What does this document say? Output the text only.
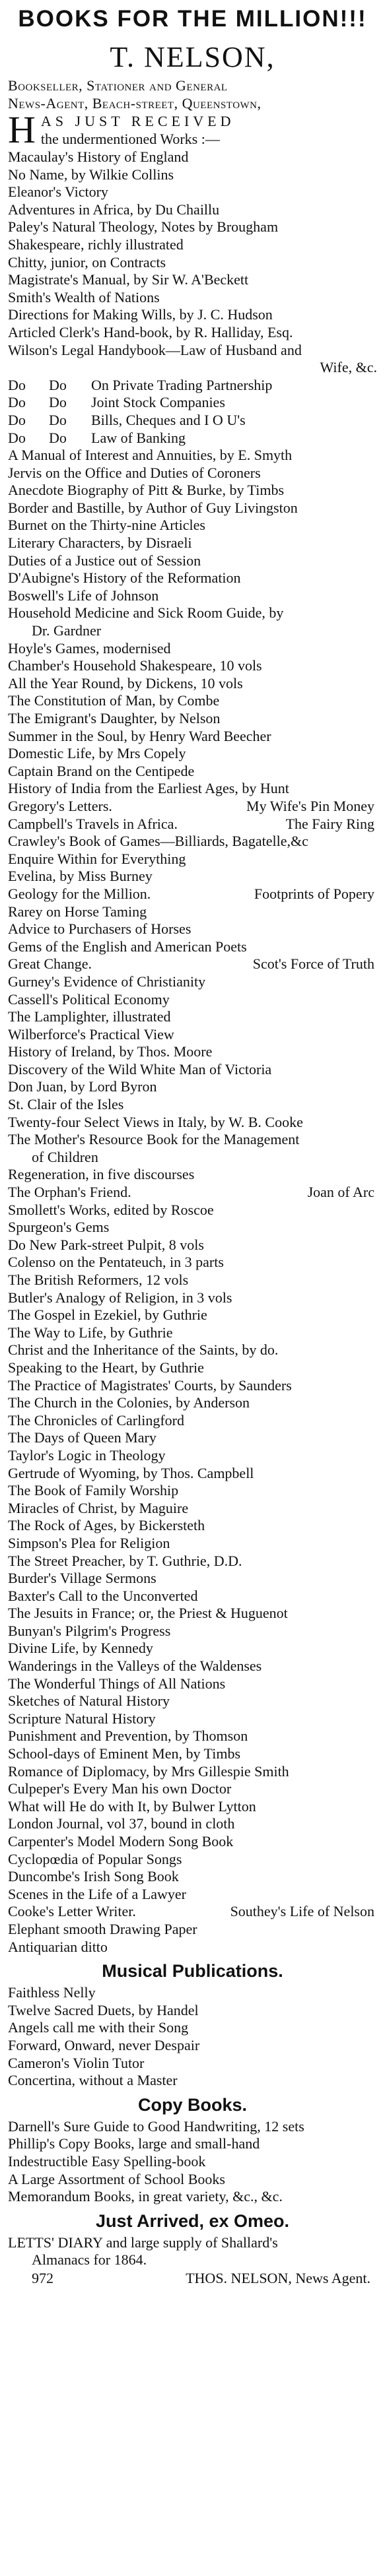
BOOKS FOR THE MILLION!!!
T. NELSON,
Bookseller, Stationer and General
News-Agent, Beach-street, Queenstown,
H AS JUST RECEIVED
the undermentioned Works :—
Macaulay's History of England
No Name, by Wilkie Collins
Eleanor's Victory
Adventures in Africa, by Du Chaillu
Paley's Natural Theology, Notes by Brougham
Shakespeare, richly illustrated
Chitty, junior, on Contracts
Magistrate's Manual, by Sir W. A'Beckett
Smith's Wealth of Nations
Directions for Making Wills, by J. C. Hudson
Articled Clerk's Hand-book, by R. Halliday, Esq.
Wilson's Legal Handybook—Law of Husband and
Wife, &c.
Do	Do	On Private Trading Partnership
Do	Do	Joint Stock Companies
Do	Do	Bills, Cheques and I O U's
Do	Do	Law of Banking
A Manual of Interest and Annuities, by E. Smyth
Jervis on the Office and Duties of Coroners
Anecdote Biography of Pitt & Burke, by Timbs
Border and Bastille, by Author of Guy Livingston
Burnet on the Thirty-nine Articles
Literary Characters, by Disraeli
Duties of a Justice out of Session
D'Aubigne's History of the Reformation
Boswell's Life of Johnson
Household Medicine and Sick Room Guide, by
Dr. Gardner
Hoyle's Games, modernised
Chamber's Household Shakespeare, 10 vols
All the Year Round, by Dickens, 10 vols
The Constitution of Man, by Combe
The Emigrant's Daughter, by Nelson
Summer in the Soul, by Henry Ward Beecher
Domestic Life, by Mrs Copely
Captain Brand on the Centipede
History of India from the Earliest Ages, by Hunt
Gregory's Letters.	My Wife's Pin Money
Campbell's Travels in Africa.	The Fairy Ring
Crawley's Book of Games—Billiards, Bagatelle,&c
Enquire Within for Everything
Evelina, by Miss Burney
Geology for the Million.	Footprints of Popery
Rarey on Horse Taming
Advice to Purchasers of Horses
Gems of the English and American Poets
Great Change.	Scot's Force of Truth
Gurney's Evidence of Christianity
Cassell's Political Economy
The Lamplighter, illustrated
Wilberforce's Practical View
History of Ireland, by Thos. Moore
Discovery of the Wild White Man of Victoria
Don Juan, by Lord Byron
St. Clair of the Isles
Twenty-four Select Views in Italy, by W. B. Cooke
The Mother's Resource Book for the Management
of Children
Regeneration, in five discourses
The Orphan's Friend.	Joan of Arc
Smollett's Works, edited by Roscoe
Spurgeon's Gems
Do New Park-street Pulpit, 8 vols
Colenso on the Pentateuch, in 3 parts
The British Reformers, 12 vols
Butler's Analogy of Religion, in 3 vols
The Gospel in Ezekiel, by Guthrie
The Way to Life, by Guthrie
Christ and the Inheritance of the Saints, by do.
Speaking to the Heart, by Guthrie
The Practice of Magistrates' Courts, by Saunders
The Church in the Colonies, by Anderson
The Chronicles of Carlingford
The Days of Queen Mary
Taylor's Logic in Theology
Gertrude of Wyoming, by Thos. Campbell
The Book of Family Worship
Miracles of Christ, by Maguire
The Rock of Ages, by Bickersteth
Simpson's Plea for Religion
The Street Preacher, by T. Guthrie, D.D.
Burder's Village Sermons
Baxter's Call to the Unconverted
The Jesuits in France; or, the Priest & Huguenot
Bunyan's Pilgrim's Progress
Divine Life, by Kennedy
Wanderings in the Valleys of the Waldenses
The Wonderful Things of All Nations
Sketches of Natural History
Scripture Natural History
Punishment and Prevention, by Thomson
School-days of Eminent Men, by Timbs
Romance of Diplomacy, by Mrs Gillespie Smith
Culpeper's Every Man his own Doctor
What will He do with It, by Bulwer Lytton
London Journal, vol 37, bound in cloth
Carpenter's Model Modern Song Book
Cyclopœdia of Popular Songs
Duncombe's Irish Song Book
Scenes in the Life of a Lawyer
Cooke's Letter Writer.	Southey's Life of Nelson
Elephant smooth Drawing Paper
Antiquarian ditto
Musical Publications.
Faithless Nelly
Twelve Sacred Duets, by Handel
Angels call me with their Song
Forward, Onward, never Despair
Cameron's Violin Tutor
Concertina, without a Master
Copy Books.
Darnell's Sure Guide to Good Handwriting, 12 sets
Phillip's Copy Books, large and small-hand
Indestructible Easy Spelling-book
A Large Assortment of School Books
Memorandum Books, in great variety, &c., &c.
Just Arrived, ex Omeo.
LETTS' DIARY and large supply of Shallard's
Almanacs for 1864.
972	THOS. NELSON, News Agent.
